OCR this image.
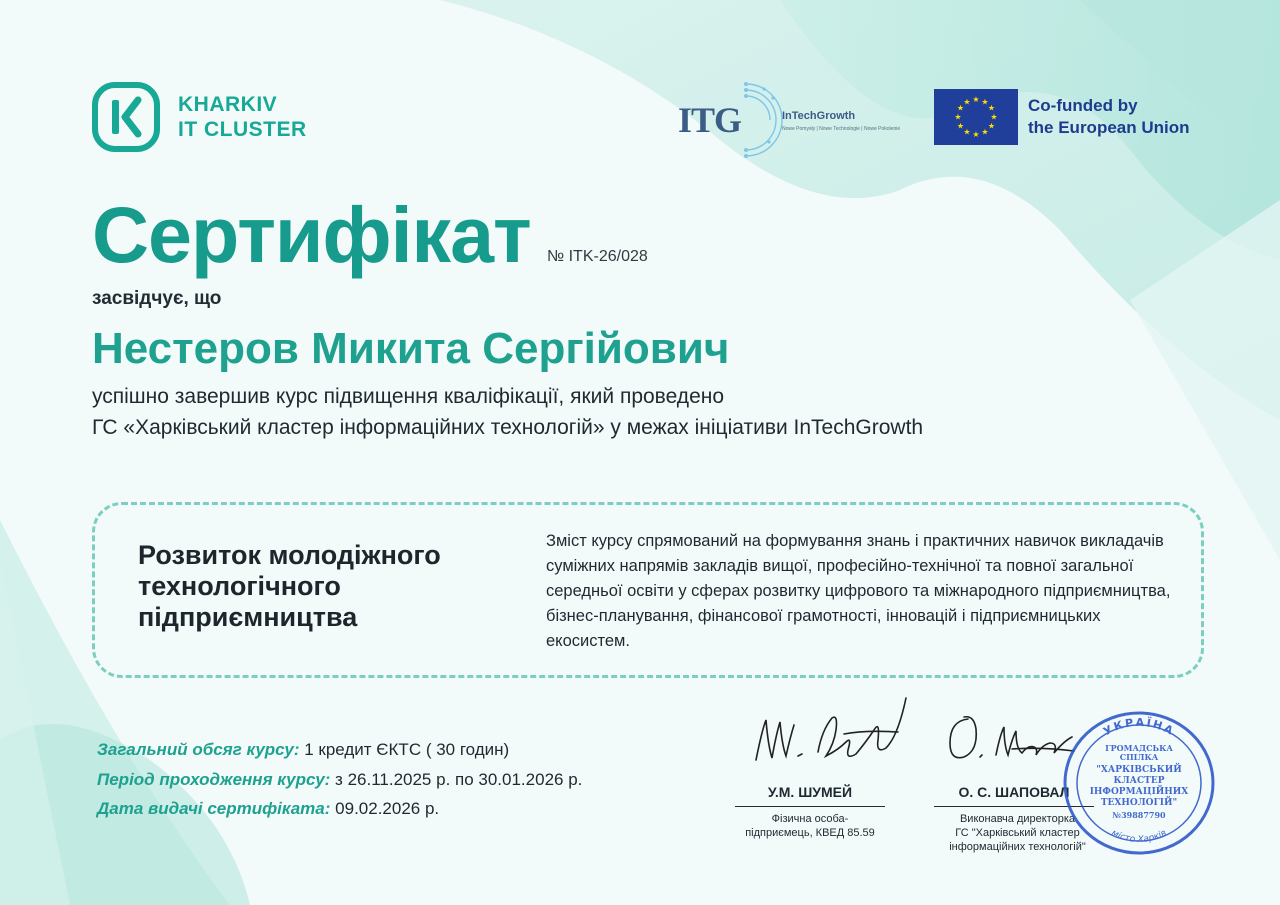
KHARKIV
IT CLUSTER	ITG	InTechGrowth
Nowe Pomysły | Nowe Technologie | Nowe Pokolenie
★ ★
★
★
★
★
★
★
★
★
★
★	Co-funded by
the European Union
Сертифікат № ITK-26/028
засвідчує, що
Нестеров Микита Сергійович
успішно завершив курс підвищення кваліфікації, який проведено
ГС «Харківський кластер інформаційних технологій» у межах ініціативи InTechGrowth
Розвиток молодіжного технологічного підприємництва
Зміст курсу спрямований на формування знань і практичних навичок викладачів суміжних напрямів закладів вищої, професійно-технічної та повної загальної середньої освіти у сферах розвитку цифрового та міжнародного підприємництва, бізнес-планування, фінансової грамотності, інновацій і підприємницьких екосистем.
Загальний обсяг курсу: 1 кредит ЄКТС ( 30 годин)
Період проходження курсу: з 26.11.2025 р. по 30.01.2026 р.
Дата видачі сертифіката: 09.02.2026 р.
У.М. ШУМЕЙ
Фізична особа-
підприємець, КВЕД 85.59
О. С. ШАПОВАЛ
Виконавча директорка
ГС "Харківський кластер
інформаційних технологій"
УКРАЇНА
місто Харків
ГРОМАДСЬКА
СПІЛКА
"ХАРКІВСЬКИЙ
КЛАСТЕР
ІНФОРМАЦІЙНИХ
ТЕХНОЛОГІЙ"
№39887790
